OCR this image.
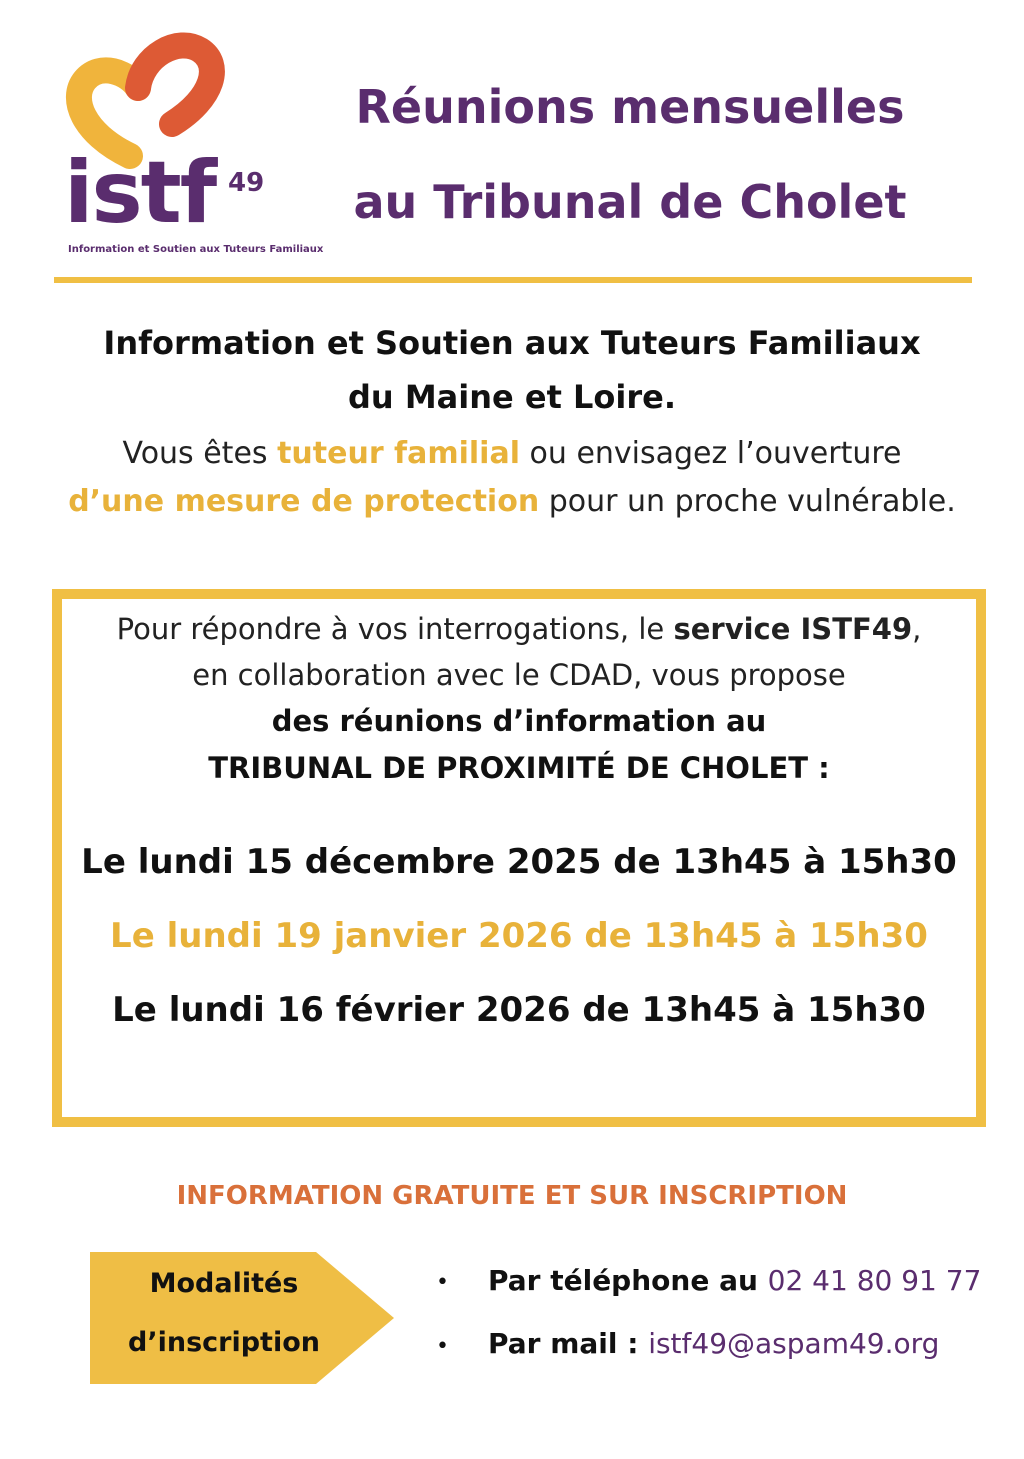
istf 49
Information et Soutien aux Tuteurs Familiaux
Réunions mensuelles
au Tribunal de Cholet
Information et Soutien aux Tuteurs Familiaux
du Maine et Loire.
Vous êtes tuteur familial ou envisagez l’ouverture
d’une mesure de protection pour un proche vulnérable.
Pour répondre à vos interrogations, le service ISTF49,
en collaboration avec le CDAD, vous propose
des réunions d’information au
TRIBUNAL DE PROXIMITÉ DE CHOLET :
Le lundi 15 décembre 2025 de 13h45 à 15h30
Le lundi 19 janvier 2026 de 13h45 à 15h30
Le lundi 16 février 2026 de 13h45 à 15h30
INFORMATION GRATUITE ET SUR INSCRIPTION
Modalités
d’inscription
•
•
Par téléphone au 02 41 80 91 77
Par mail : istf49@aspam49.org
